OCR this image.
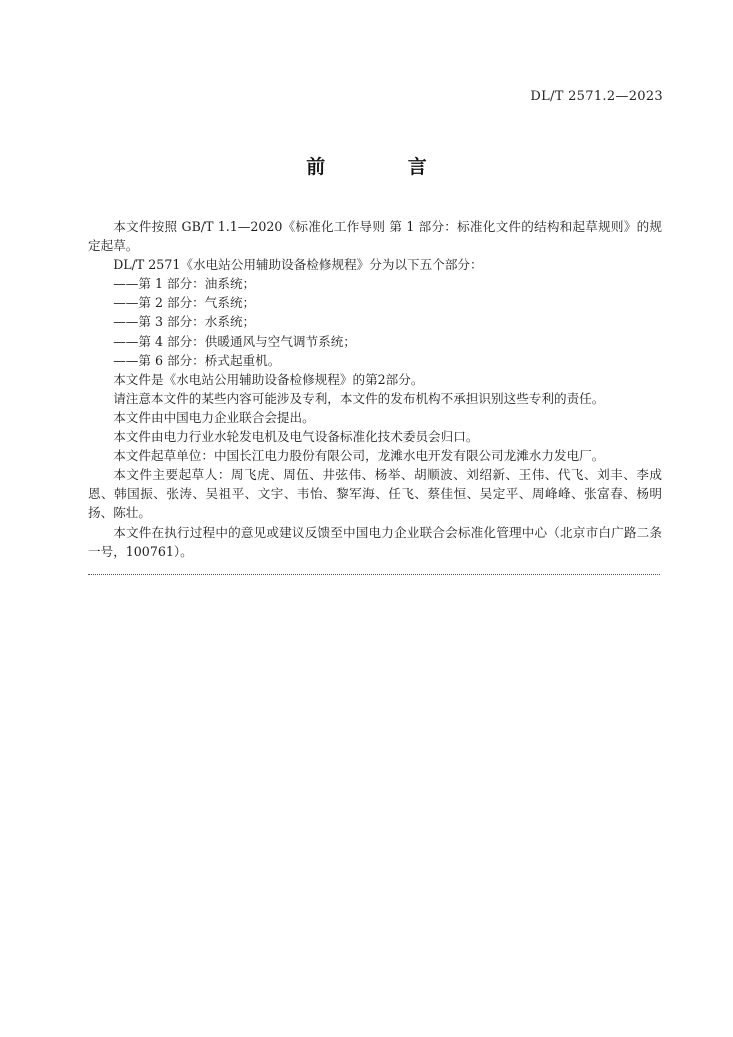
DL/T 2571.2—2023
前 言

本文件按照 GB/T 1.1—2020《标准化工作导则 第 1 部分：标准化文件的结构和起草规则》的规定起草。

DL/T 2571《水电站公用辅助设备检修规程》分为以下五个部分：

——第 1 部分：油系统；

——第 2 部分：气系统；

——第 3 部分：水系统；

——第 4 部分：供暖通风与空气调节系统；

——第 6 部分：桥式起重机。

本文件是《水电站公用辅助设备检修规程》的第2部分。

请注意本文件的某些内容可能涉及专利，本文件的发布机构不承担识别这些专利的责任。

本文件由中国电力企业联合会提出。

本文件由电力行业水轮发电机及电气设备标准化技术委员会归口。

本文件起草单位：中国长江电力股份有限公司，龙滩水电开发有限公司龙滩水力发电厂。

本文件主要起草人：周飞虎、周伍、井弦伟、杨举、胡顺波、刘绍新、王伟、代飞、刘丰、李成恩、韩国振、张涛、吴祖平、文宇、韦怡、黎军海、任飞、蔡佳恒、吴定平、周峰峰、张富春、杨明扬、陈壮。

本文件在执行过程中的意见或建议反馈至中国电力企业联合会标准化管理中心（北京市白广路二条一号，100761）。
